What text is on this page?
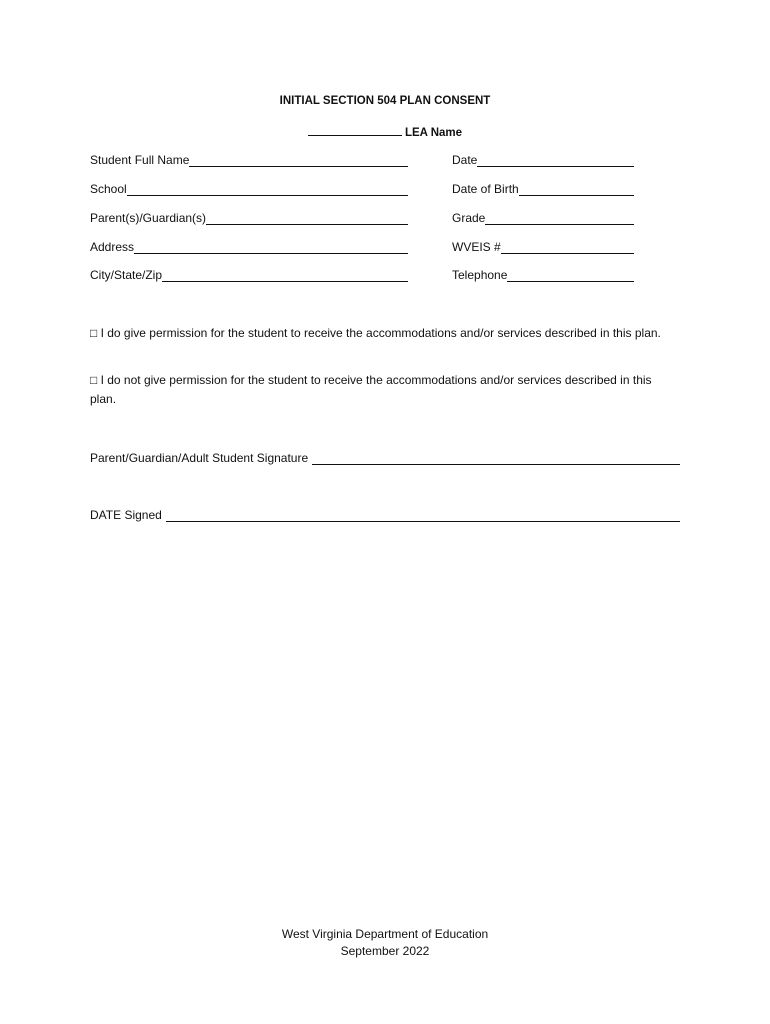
INITIAL SECTION 504 PLAN CONSENT
LEA Name
Student Full Name
School
Parent(s)/Guardian(s)
Address
City/State/Zip
Date
Date of Birth
Grade
WVEIS #
Telephone
□ I do give permission for the student to receive the accommodations and/or services described in this plan.
□ I do not give permission for the student to receive the accommodations and/or services described in this plan.
Parent/Guardian/Adult Student Signature
DATE Signed
West Virginia Department of Education
September 2022
